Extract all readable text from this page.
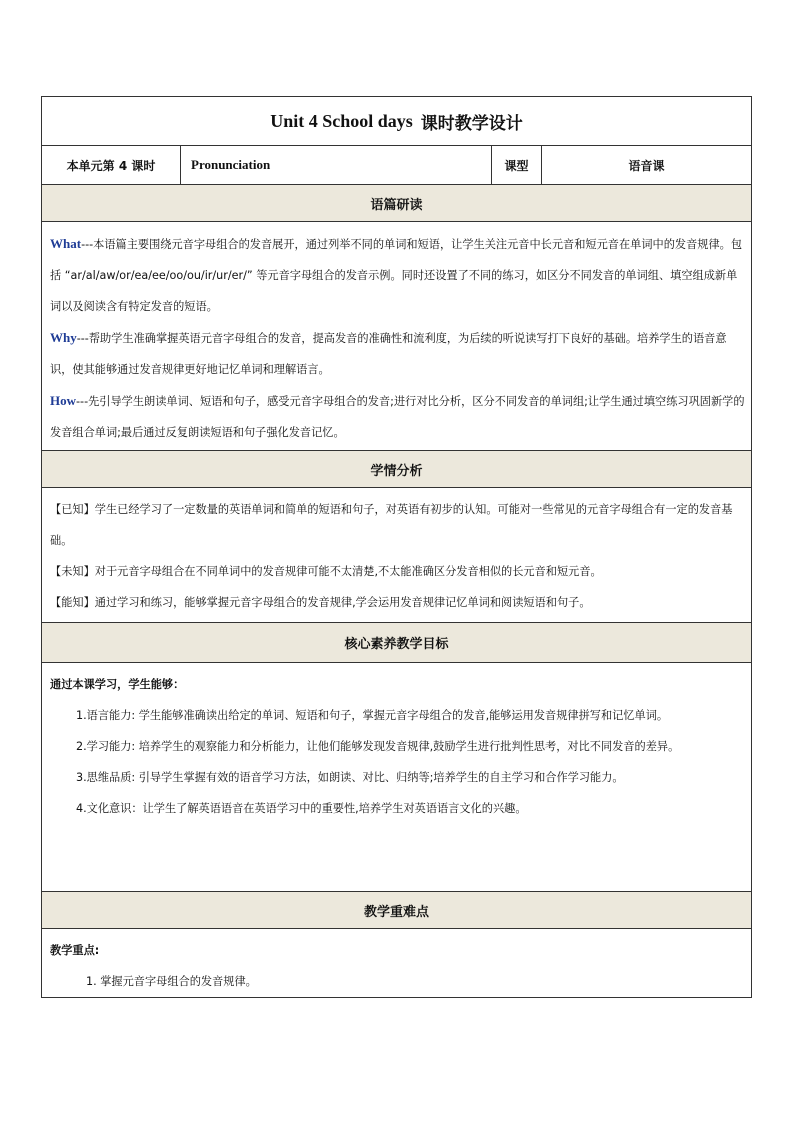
Unit 4 School days 课时教学设计
本单元第 4 课时	Pronunciation	课型	语音课
语篇研读
What---本语篇主要围绕元音字母组合的发音展开，通过列举不同的单词和短语，让学生关注元音中长元音和短元音在单词中的发音规律。包括 “ar/al/aw/or/ea/ee/oo/ou/ir/ur/er/” 等元音字母组合的发音示例。同时还设置了不同的练习，如区分不同发音的单词组、填空组成新单词以及阅读含有特定发音的短语。
Why---帮助学生准确掌握英语元音字母组合的发音，提高发音的准确性和流利度，为后续的听说读写打下良好的基础。培养学生的语音意识，使其能够通过发音规律更好地记忆单词和理解语言。
How---先引导学生朗读单词、短语和句子，感受元音字母组合的发音;进行对比分析，区分不同发音的单词组;让学生通过填空练习巩固新学的发音组合单词;最后通过反复朗读短语和句子强化发音记忆。
学情分析
【已知】学生已经学习了一定数量的英语单词和简单的短语和句子，对英语有初步的认知。可能对一些常见的元音字母组合有一定的发音基础。
【未知】对于元音字母组合在不同单词中的发音规律可能不太清楚,不太能准确区分发音相似的长元音和短元音。
【能知】通过学习和练习，能够掌握元音字母组合的发音规律,学会运用发音规律记忆单词和阅读短语和句子。
核心素养教学目标
通过本课学习，学生能够：
1.语言能力: 学生能够准确读出给定的单词、短语和句子，掌握元音字母组合的发音,能够运用发音规律拼写和记忆单词。
2.学习能力: 培养学生的观察能力和分析能力，让他们能够发现发音规律,鼓励学生进行批判性思考，对比不同发音的差异。
3.思维品质: 引导学生掌握有效的语音学习方法，如朗读、对比、归纳等;培养学生的自主学习和合作学习能力。
4.文化意识：让学生了解英语语音在英语学习中的重要性,培养学生对英语语言文化的兴趣。
教学重难点
教学重点:
1. 掌握元音字母组合的发音规律。
